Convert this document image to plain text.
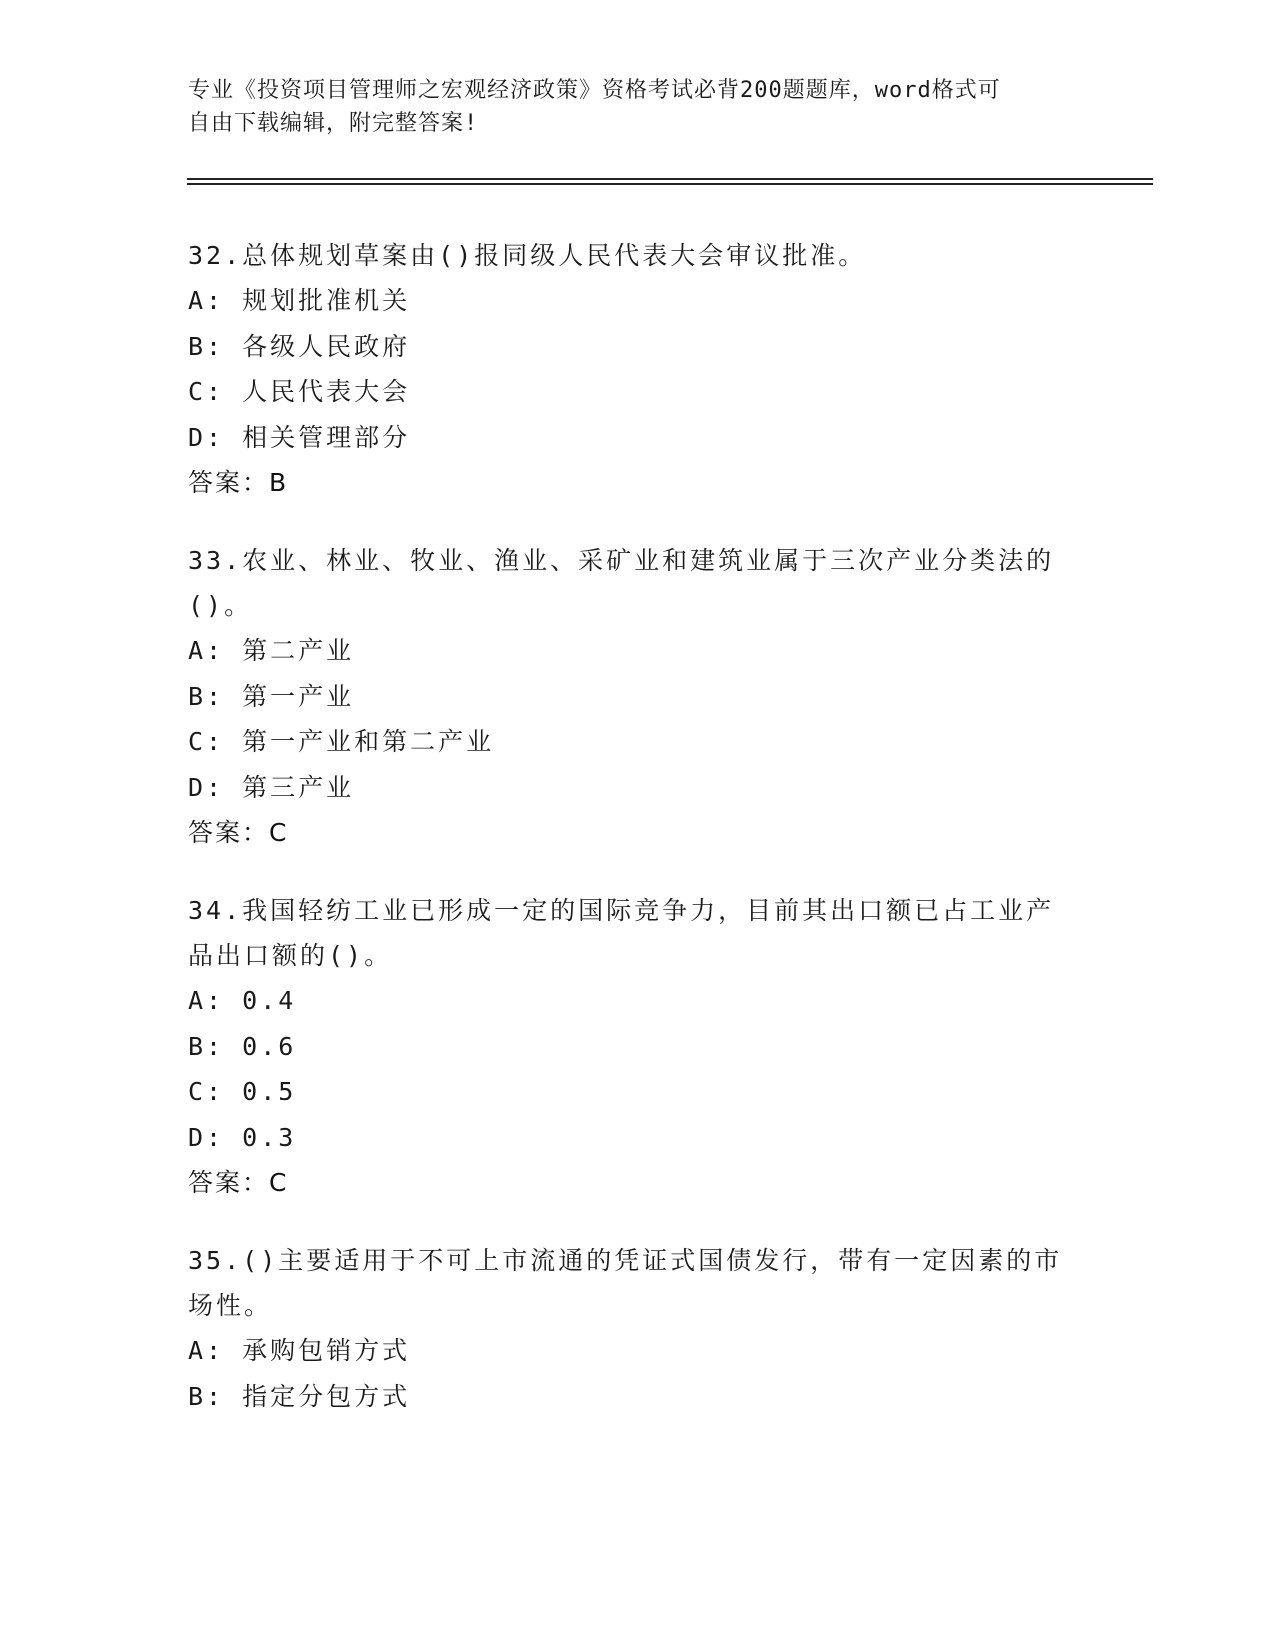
专业《投资项目管理师之宏观经济政策》资格考试必背200题题库，word格式可
自由下载编辑，附完整答案!
32.总体规划草案由()报同级人民代表大会审议批准。
A: 规划批准机关
B: 各级人民政府
C: 人民代表大会
D: 相关管理部分
答案：B
33.农业、林业、牧业、渔业、采矿业和建筑业属于三次产业分类法的
()。
A: 第二产业
B: 第一产业
C: 第一产业和第二产业
D: 第三产业
答案：C
34.我国轻纺工业已形成一定的国际竞争力，目前其出口额已占工业产
品出口额的()。
A: 0.4
B: 0.6
C: 0.5
D: 0.3
答案：C
35.()主要适用于不可上市流通的凭证式国债发行，带有一定因素的市
场性。
A: 承购包销方式
B: 指定分包方式
